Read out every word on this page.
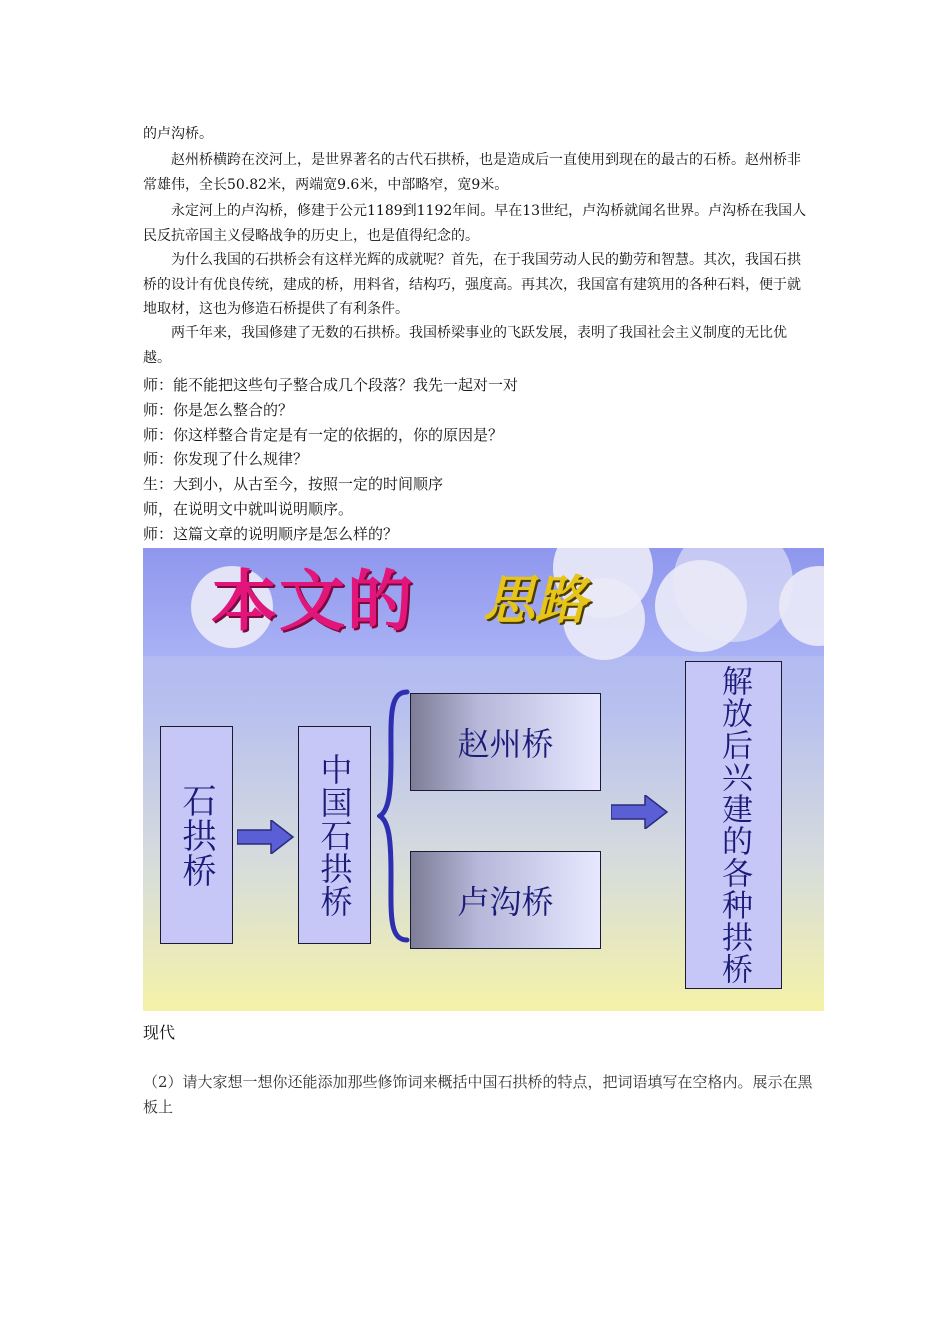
的卢沟桥。

赵州桥横跨在洨河上，是世界著名的古代石拱桥，也是造成后一直使用到现在的最古的石桥。赵州桥非常雄伟，全长50.82米，两端宽9.6米，中部略窄，宽9米。

永定河上的卢沟桥，修建于公元1189到1192年间。早在13世纪，卢沟桥就闻名世界。卢沟桥在我国人民反抗帝国主义侵略战争的历史上，也是值得纪念的。

为什么我国的石拱桥会有这样光辉的成就呢？首先，在于我国劳动人民的勤劳和智慧。其次，我国石拱桥的设计有优良传统，建成的桥，用料省，结构巧，强度高。再其次，我国富有建筑用的各种石料，便于就地取材，这也为修造石桥提供了有利条件。

两千年来，我国修建了无数的石拱桥。我国桥梁事业的飞跃发展，表明了我国社会主义制度的无比优越。

师：能不能把这些句子整合成几个段落？我先一起对一对
师：你是怎么整合的？
师：你这样整合肯定是有一定的依据的，你的原因是？
师：你发现了什么规律？
生：大到小，从古至今，按照一定的时间顺序
师，在说明文中就叫说明顺序。
师：这篇文章的说明顺序是怎么样的？
本文的 思路
石拱桥	中国石拱桥
赵州桥
卢沟桥	解放后兴建的各种拱桥
现代
（2）请大家想一想你还能添加那些修饰词来概括中国石拱桥的特点，把词语填写在空格内。展示在黑板上
